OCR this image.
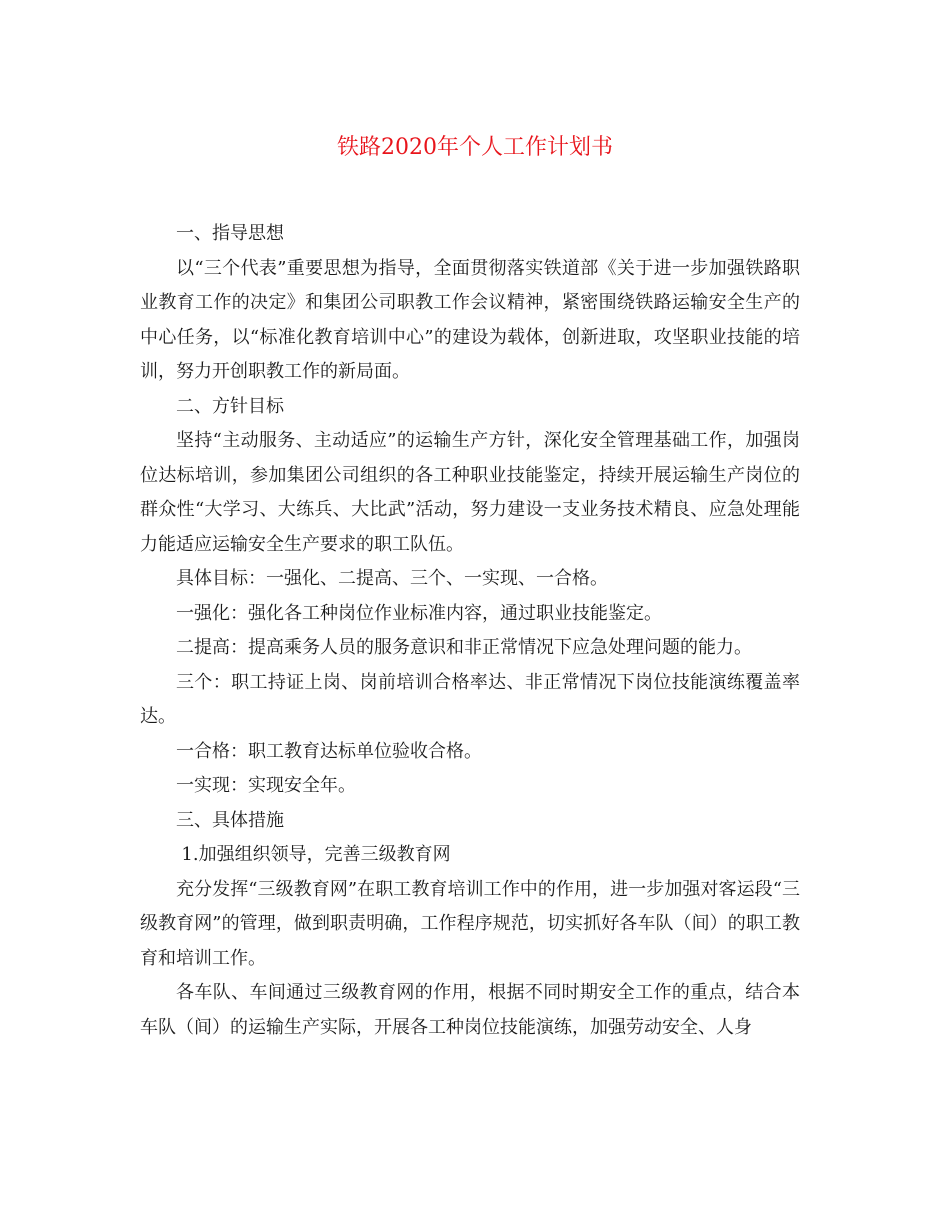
铁路2020年个人工作计划书

一、指导思想

以“三个代表”重要思想为指导，全面贯彻落实铁道部《关于进一步加强铁路职业教育工作的决定》和集团公司职教工作会议精神，紧密围绕铁路运输安全生产的中心任务，以“标准化教育培训中心”的建设为载体，创新进取，攻坚职业技能的培训，努力开创职教工作的新局面。

二、方针目标

坚持“主动服务、主动适应”的运输生产方针，深化安全管理基础工作，加强岗位达标培训，参加集团公司组织的各工种职业技能鉴定，持续开展运输生产岗位的群众性“大学习、大练兵、大比武”活动，努力建设一支业务技术精良、应急处理能力能适应运输安全生产要求的职工队伍。

具体目标：一强化、二提高、三个、一实现、一合格。

一强化：强化各工种岗位作业标准内容，通过职业技能鉴定。

二提高：提高乘务人员的服务意识和非正常情况下应急处理问题的能力。

三个：职工持证上岗、岗前培训合格率达、非正常情况下岗位技能演练覆盖率达。

一合格：职工教育达标单位验收合格。

一实现：实现安全年。

三、具体措施

1.加强组织领导，完善三级教育网

充分发挥“三级教育网”在职工教育培训工作中的作用，进一步加强对客运段“三级教育网”的管理，做到职责明确，工作程序规范，切实抓好各车队（间）的职工教育和培训工作。

各车队、车间通过三级教育网的作用，根据不同时期安全工作的重点，结合本车队（间）的运输生产实际，开展各工种岗位技能演练，加强劳动安全、人身
